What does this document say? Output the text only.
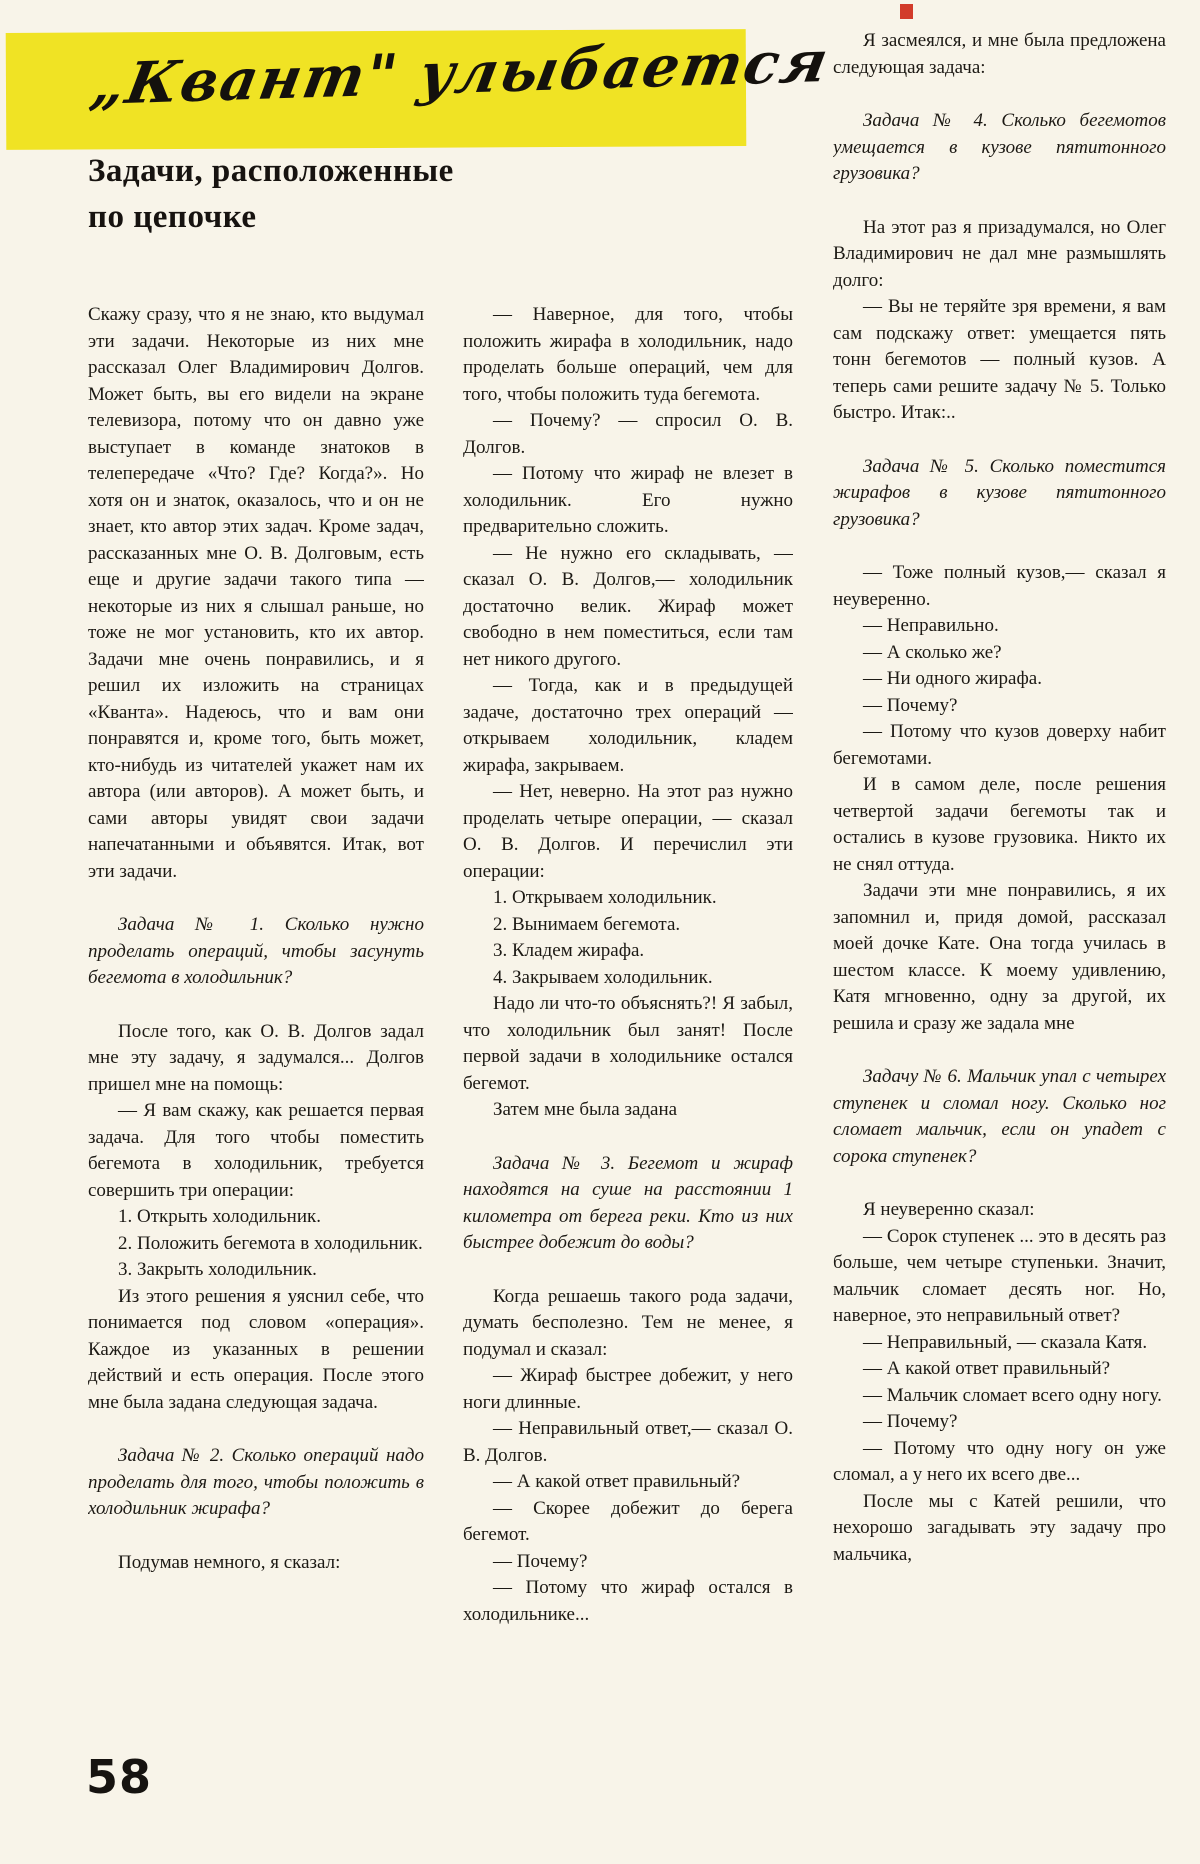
„Квант" улыбается
Задачи, расположенные
по цепочке

Скажу сразу, что я не знаю, кто выдумал эти задачи. Некоторые из них мне рассказал Олег Владимирович Долгов. Может быть, вы его видели на экране телевизора, потому что он давно уже выступает в команде знатоков в телепередаче «Что? Где? Когда?». Но хотя он и знаток, оказалось, что и он не знает, кто автор этих задач. Кроме задач, рассказанных мне О. В. Долговым, есть еще и другие задачи такого типа — некоторые из них я слышал раньше, но тоже не мог установить, кто их автор. Задачи мне очень понравились, и я решил их изложить на страницах «Кванта». Надеюсь, что и вам они понравятся и, кроме того, быть может, кто-нибудь из читателей укажет нам их автора (или авторов). А может быть, и сами авторы увидят свои задачи напечатанными и объявятся. Итак, вот эти задачи.

Задача № 1. Сколько нужно проделать операций, чтобы засунуть бегемота в холодильник?

После того, как О. В. Долгов задал мне эту задачу, я задумался... Долгов пришел мне на помощь:

— Я вам скажу, как решается первая задача. Для того чтобы поместить бегемота в холодильник, требуется совершить три операции:

1. Открыть холодильник.

2. Положить бегемота в холодильник.

3. Закрыть холодильник.

Из этого решения я уяснил себе, что понимается под словом «операция». Каждое из указанных в решении действий и есть операция. После этого мне была задана следующая задача.

Задача № 2. Сколько операций надо проделать для того, чтобы положить в холодильник жирафа?

Подумав немного, я сказал:

— Наверное, для того, чтобы положить жирафа в холодильник, надо проделать больше операций, чем для того, чтобы положить туда бегемота.

— Почему? — спросил О. В. Долгов.

— Потому что жираф не влезет в холодильник. Его нужно предварительно сложить.

— Не нужно его складывать, — сказал О. В. Долгов,— холодильник достаточно велик. Жираф может свободно в нем поместиться, если там нет никого другого.

— Тогда, как и в предыдущей задаче, достаточно трех операций — открываем холодильник, кладем жирафа, закрываем.

— Нет, неверно. На этот раз нужно проделать четыре операции, — сказал О. В. Долгов. И перечислил эти операции:

1. Открываем холодильник.

2. Вынимаем бегемота.

3. Кладем жирафа.

4. Закрываем холодильник.

Надо ли что-то объяснять?! Я забыл, что холодильник был занят! После первой задачи в холодильнике остался бегемот.

Затем мне была задана

Задача № 3. Бегемот и жираф находятся на суше на расстоянии 1 километра от берега реки. Кто из них быстрее добежит до воды?

Когда решаешь такого рода задачи, думать бесполезно. Тем не менее, я подумал и сказал:

— Жираф быстрее добежит, у него ноги длинные.

— Неправильный ответ,— сказал О. В. Долгов.

— А какой ответ правильный?

— Скорее добежит до берега бегемот.

— Почему?

— Потому что жираф остался в холодильнике...

Я засмеялся, и мне была предложена следующая задача:

Задача № 4. Сколько бегемотов умещается в кузове пятитонного грузовика?

На этот раз я призадумался, но Олег Владимирович не дал мне размышлять долго:

— Вы не теряйте зря времени, я вам сам подскажу ответ: умещается пять тонн бегемотов — полный кузов. А теперь сами решите задачу № 5. Только быстро. Итак:..

Задача № 5. Сколько поместится жирафов в кузове пятитонного грузовика?

— Тоже полный кузов,— сказал я неуверенно.

— Неправильно.

— А сколько же?

— Ни одного жирафа.

— Почему?

— Потому что кузов доверху набит бегемотами.

И в самом деле, после решения четвертой задачи бегемоты так и остались в кузове грузовика. Никто их не снял оттуда.

Задачи эти мне понравились, я их запомнил и, придя домой, рассказал моей дочке Кате. Она тогда училась в шестом классе. К моему удивлению, Катя мгновенно, одну за другой, их решила и сразу же задала мне

Задачу № 6. Мальчик упал с четырех ступенек и сломал ногу. Сколько ног сломает мальчик, если он упадет с сорока ступенек?

Я неуверенно сказал:

— Сорок ступенек ... это в десять раз больше, чем четыре ступеньки. Значит, мальчик сломает десять ног. Но, наверное, это неправильный ответ?

— Неправильный, — сказала Катя.

— А какой ответ правильный?

— Мальчик сломает всего одну ногу.

— Почему?

— Потому что одну ногу он уже сломал, а у него их всего две...

После мы с Катей решили, что нехорошо загадывать эту задачу про мальчика,

58
